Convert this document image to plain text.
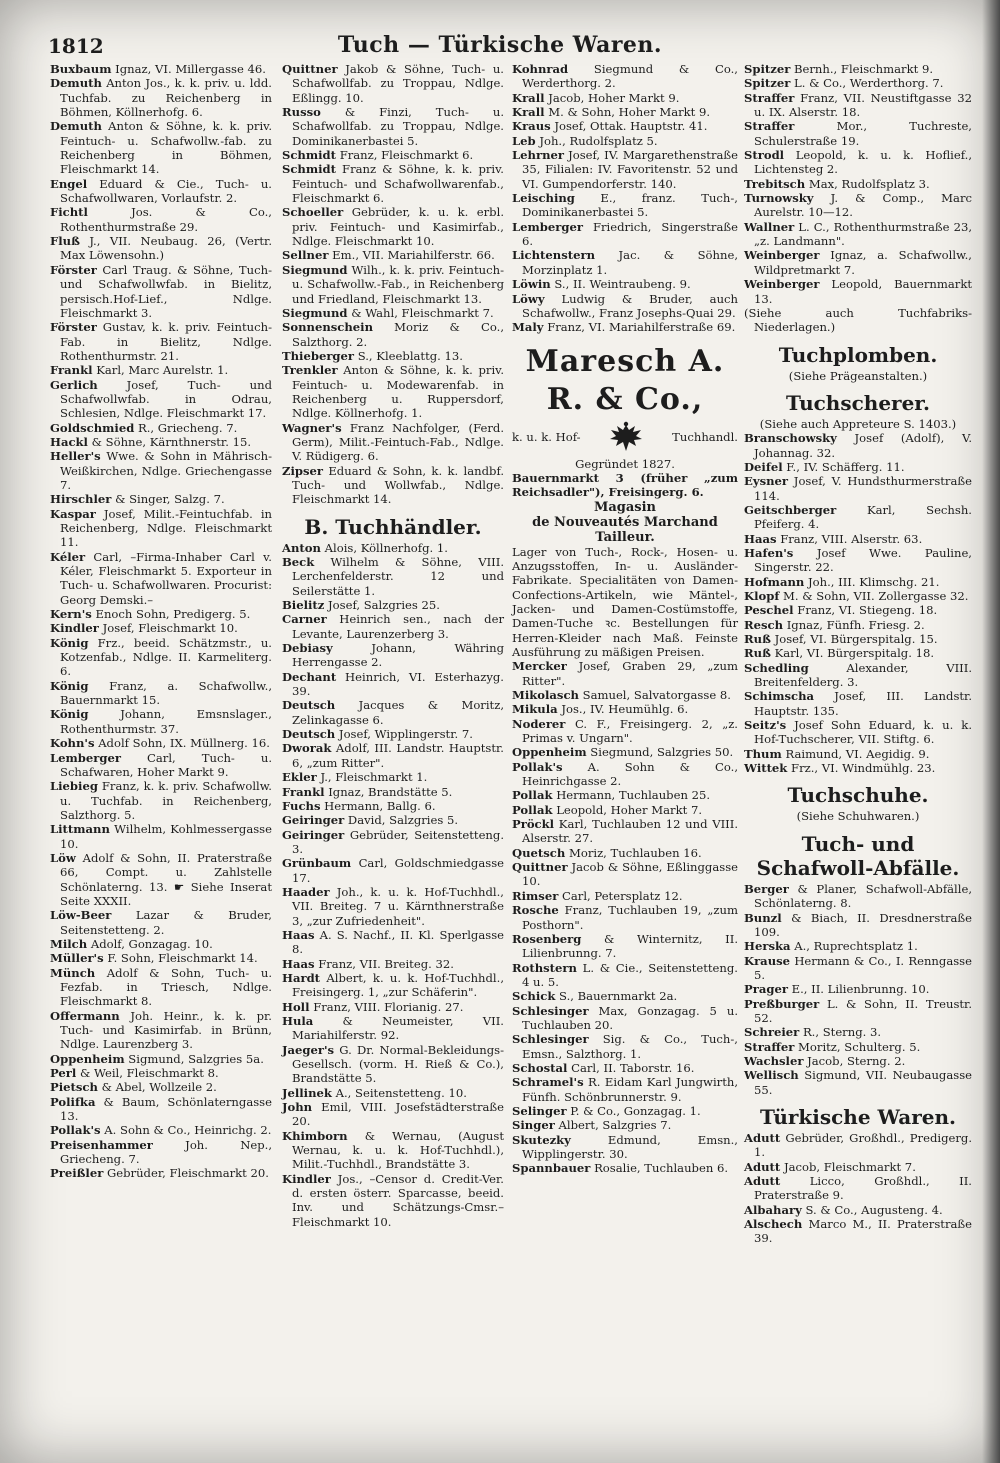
1812	Tuch — Türkische Waren.

Buxbaum Ignaz, VI. Millergasse 46.

Demuth Anton Jos., k. k. priv. u. ldd. Tuchfab. zu Reichenberg in Böhmen, Köllnerhofg. 6.

Demuth Anton & Söhne, k. k. priv. Feintuch- u. Schafwollw.-fab. zu Reichenberg in Böhmen, Fleischmarkt 14.

Engel Eduard & Cie., Tuch- u. Schafwollwaren, Vorlaufstr. 2.

Fichtl	Jos. & Co., Rothenthurmstraße 29.

Fluß J., VII. Neubaug. 26, (Vertr. Max Löwensohn.)

Förster Carl Traug. & Söhne, Tuch- und Schafwollwfab. in Bielitz, persisch.Hof-Lief., Ndlge. Fleischmarkt 3.

Förster Gustav, k. k. priv. Feintuch-Fab. in Bielitz, Ndlge. Rothenthurmstr. 21.

Frankl Karl, Marc Aurelstr. 1.

Gerlich Josef, Tuch- und Schafwollwfab. in Odrau, Schlesien, Ndlge. Fleischmarkt 17.

Goldschmied R., Griecheng. 7.

Hackl & Söhne, Kärnthnerstr. 15.

Heller's Wwe. & Sohn in Mährisch-Weißkirchen, Ndlge. Griechengasse 7.

Hirschler & Singer, Salzg. 7.

Kaspar Josef, Milit.-Feintuchfab. in Reichenberg, Ndlge. Fleischmarkt 11.

Kéler Carl, –Firma-Inhaber Carl v. Kéler, Fleischmarkt 5. Exporteur in Tuch- u. Schafwollwaren. Procurist: Georg Demski.–

Kern's Enoch Sohn, Predigerg. 5.

Kindler Josef, Fleischmarkt 10.

König Frz., beeid. Schätzmstr., u. Kotzenfab., Ndlge. II. Karmeliterg. 6.

König Franz, a. Schafwollw., Bauernmarkt 15.

König	Johann, Emsnslager., Rothenthurmstr. 37.

Kohn's Adolf Sohn, IX. Müllnerg. 16.

Lemberger Carl, Tuch- u. Schafwaren, Hoher Markt 9.

Liebieg Franz, k. k. priv. Schafwollw. u. Tuchfab. in Reichenberg, Salzthorg. 5.

Littmann Wilhelm, Kohlmessergasse 10.

Löw Adolf & Sohn, II. Praterstraße 66, Compt. u. Zahlstelle Schönlaterng. 13. ☛ Siehe Inserat Seite XXXII.

Löw-Beer Lazar & Bruder, Seitenstetteng. 2.

Milch Adolf, Gonzagag. 10.

Müller's F. Sohn, Fleischmarkt 14.

Münch Adolf & Sohn, Tuch- u. Fezfab. in Triesch, Ndlge. Fleischmarkt 8.

Offermann Joh. Heinr., k. k. pr. Tuch- und Kasimirfab. in Brünn, Ndlge. Laurenzberg 3.

Oppenheim Sigmund, Salzgries 5a.

Perl & Weil, Fleischmarkt 8.

Pietsch & Abel, Wollzeile 2.

Polifka & Baum, Schönlaterngasse 13.

Pollak's A. Sohn & Co., Heinrichg. 2.

Preisenhammer	Joh. Nep., Griecheng. 7.

Preißler Gebrüder, Fleischmarkt 20.

Quittner Jakob & Söhne, Tuch- u. Schafwollfab. zu Troppau, Ndlge. Eßlingg. 10.

Russo & Finzi, Tuch- u. Schafwollfab. zu Troppau, Ndlge. Dominikanerbastei 5.

Schmidt Franz, Fleischmarkt 6.

Schmidt Franz & Söhne, k. k. priv. Feintuch- und Schafwollwarenfab., Fleischmarkt 6.

Schoeller Gebrüder, k. u. k. erbl. priv. Feintuch- und Kasimirfab., Ndlge. Fleischmarkt 10.

Sellner Em., VII. Mariahilferstr. 66.

Siegmund Wilh., k. k. priv. Feintuch- u. Schafwollw.-Fab., in Reichenberg und Friedland, Fleischmarkt 13.

Siegmund & Wahl, Fleischmarkt 7.

Sonnenschein Moriz & Co., Salzthorg. 2.

Thieberger S., Kleeblattg. 13.

Trenkler Anton & Söhne, k. k. priv. Feintuch- u. Modewarenfab. in Reichenberg u. Ruppersdorf, Ndlge. Köllnerhofg. 1.

Wagner's Franz Nachfolger, (Ferd. Germ), Milit.-Feintuch-Fab., Ndlge. V. Rüdigerg. 6.

Zipser Eduard & Sohn, k. k. landbf. Tuch- und Wollwfab., Ndlge. Fleischmarkt 14.

B. Tuchhändler.

Anton Alois, Köllnerhofg. 1.

Beck Wilhelm & Söhne, VIII. Lerchenfelderstr. 12 und Seilerstätte 1.

Bielitz Josef, Salzgries 25.

Carner Heinrich sen., nach der Levante, Laurenzerberg 3.

Debiasy	Johann, Währing Herrengasse 2.

Dechant Heinrich, VI. Esterhazyg. 39.

Deutsch Jacques & Moritz, Zelinkagasse 6.

Deutsch Josef, Wipplingerstr. 7.

Dworak Adolf, III. Landstr. Hauptstr. 6, „zum Ritter".

Ekler J., Fleischmarkt 1.

Frankl Ignaz, Brandstätte 5.

Fuchs Hermann, Ballg. 6.

Geiringer David, Salzgries 5.

Geiringer Gebrüder, Seitenstetteng. 3.

Grünbaum Carl, Goldschmiedgasse 17.

Haader Joh., k. u. k. Hof-Tuchhdl., VII. Breiteg. 7 u. Kärnthnerstraße 3, „zur Zufriedenheit".

Haas A. S. Nachf., II. Kl. Sperlgasse 8.

Haas Franz, VII. Breiteg. 32.

Hardt Albert, k. u. k. Hof-Tuchhdl., Freisingerg. 1, „zur Schäferin".

Holl Franz, VIII. Florianig. 27.

Hula	& Neumeister, VII. Mariahilferstr. 92.

Jaeger's G. Dr. Normal-Bekleidungs-Gesellsch. (vorm. H. Rieß & Co.), Brandstätte 5.

Jellinek A., Seitenstetteng. 10.

John Emil, VIII. Josefstädterstraße 20.

Khimborn & Wernau, (August Wernau, k. u. k. Hof-Tuchhdl.), Milit.-Tuchhdl., Brandstätte 3.

Kindler Jos., –Censor d. Credit-Ver. d. ersten österr. Sparcasse, beeid. Inv. und Schätzungs-Cmsr.– Fleischmarkt 10.

Kohnrad Siegmund & Co., Werderthorg. 2.

Krall Jacob, Hoher Markt 9.

Krall M. & Sohn, Hoher Markt 9.

Kraus Josef, Ottak. Hauptstr. 41.

Leb Joh., Rudolfsplatz 5.

Lehrner Josef, IV. Margarethenstraße 35, Filialen: IV. Favoritenstr. 52 und VI. Gumpendorferstr. 140.

Leisching E., franz. Tuch-, Dominikanerbastei 5.

Lemberger Friedrich, Singerstraße 6.

Lichtenstern Jac. & Söhne, Morzinplatz 1.

Löwin S., II. Weintraubeng. 9.

Löwy Ludwig & Bruder, auch Schafwollw., Franz Josephs-Quai 29.

Maly Franz, VI. Mariahilferstraße 69.

Maresch A. R. & Co.,
k. u. k. Hof-	Tuchhandl.

Gegründet 1827.

Bauernmarkt 3 (früher „zum Reichsadler"), Freisingerg. 6.

Magasin

de Nouveautés Marchand Tailleur.

Lager von Tuch-, Rock-, Hosen- u. Anzugsstoffen, In- u. Ausländer-Fabrikate. Specialitäten von Damen-Confections-Artikeln, wie Mäntel-, Jacken- und Damen-Costümstoffe, Damen-Tuche ꝛc. Bestellungen für Herren-Kleider nach Maß. Feinste Ausführung zu mäßigen Preisen.

Mercker Josef, Graben 29, „zum Ritter".

Mikolasch Samuel, Salvatorgasse 8.

Mikula Jos., IV. Heumühlg. 6.

Noderer C. F., Freisingerg. 2, „z. Primas v. Ungarn".

Oppenheim Siegmund, Salzgries 50.

Pollak's A. Sohn & Co., Heinrichgasse 2.

Pollak Hermann, Tuchlauben 25.

Pollak Leopold, Hoher Markt 7.

Pröckl Karl, Tuchlauben 12 und VIII. Alserstr. 27.

Quetsch Moriz, Tuchlauben 16.

Quittner Jacob & Söhne, Eßlinggasse 10.

Rimser Carl, Petersplatz 12.

Rosche Franz, Tuchlauben 19, „zum Posthorn".

Rosenberg & Winternitz, II. Lilienbrunng. 7.

Rothstern L. & Cie., Seitenstetteng. 4 u. 5.

Schick S., Bauernmarkt 2a.

Schlesinger Max, Gonzagag. 5 u. Tuchlauben 20.

Schlesinger Sig. & Co., Tuch-, Emsn., Salzthorg. 1.

Schostal Carl, II. Taborstr. 16.

Schramel's R. Eidam Karl Jungwirth, Fünfh. Schönbrunnerstr. 9.

Selinger P. & Co., Gonzagag. 1.

Singer Albert, Salzgries 7.

Skutezky	Edmund, Emsn., Wipplingerstr. 30.

Spannbauer Rosalie, Tuchlauben 6.

Spitzer Bernh., Fleischmarkt 9.

Spitzer L. & Co., Werderthorg. 7.

Straffer Franz, VII. Neustiftgasse 32 u. IX. Alserstr. 18.

Straffer	Mor., Tuchreste, Schulerstraße 19.

Strodl Leopold, k. u. k. Hoflief., Lichtensteg 2.

Trebitsch Max, Rudolfsplatz 3.

Turnowsky J. & Comp., Marc Aurelstr. 10—12.

Wallner L. C., Rothenthurmstraße 23, „z. Landmann".

Weinberger Ignaz, a. Schafwollw., Wildpretmarkt 7.

Weinberger Leopold, Bauernmarkt 13.

(Siehe auch Tuchfabriks-Niederlagen.)

Tuchplomben.
(Siehe Prägeanstalten.)
Tuchscherer.
(Siehe auch Appreteure S. 1403.)

Branschowsky Josef (Adolf), V. Johannag. 32.

Deifel F., IV. Schäfferg. 11.

Eysner Josef, V. Hundsthurmerstraße 114.

Geitschberger	Karl, Sechsh. Pfeiferg. 4.

Haas Franz, VIII. Alserstr. 63.

Hafen's Josef Wwe. Pauline, Singerstr. 22.

Hofmann Joh., III. Klimschg. 21.

Klopf M. & Sohn, VII. Zollergasse 32.

Peschel Franz, VI. Stiegeng. 18.

Resch Ignaz, Fünfh. Friesg. 2.

Ruß Josef, VI. Bürgerspitalg. 15.

Ruß Karl, VI. Bürgerspitalg. 18.

Schedling	Alexander, VIII. Breitenfelderg. 3.

Schimscha Josef, III. Landstr. Hauptstr. 135.

Seitz's Josef Sohn Eduard, k. u. k. Hof-Tuchscherer, VII. Stiftg. 6.

Thum Raimund, VI. Aegidig. 9.

Wittek Frz., VI. Windmühlg. 23.

Tuchschuhe.
(Siehe Schuhwaren.)
Tuch- und Schafwoll-Abfälle.

Berger & Planer, Schafwoll-Abfälle, Schönlaterng. 8.

Bunzl & Biach, II. Dresdnerstraße 109.

Herska A., Ruprechtsplatz 1.

Krause Hermann & Co., I. Renngasse 5.

Prager E., II. Lilienbrunng. 10.

Preßburger L. & Sohn, II. Treustr. 52.

Schreier R., Sterng. 3.

Straffer Moritz, Schulterg. 5.

Wachsler Jacob, Sterng. 2.

Wellisch Sigmund, VII. Neubaugasse 55.

Türkische Waren.

Adutt Gebrüder, Großhdl., Predigerg. 1.

Adutt Jacob, Fleischmarkt 7.

Adutt	Licco, Großhdl., II. Praterstraße 9.

Albahary S. & Co., Augusteng. 4.

Alschech Marco M., II. Praterstraße 39.
